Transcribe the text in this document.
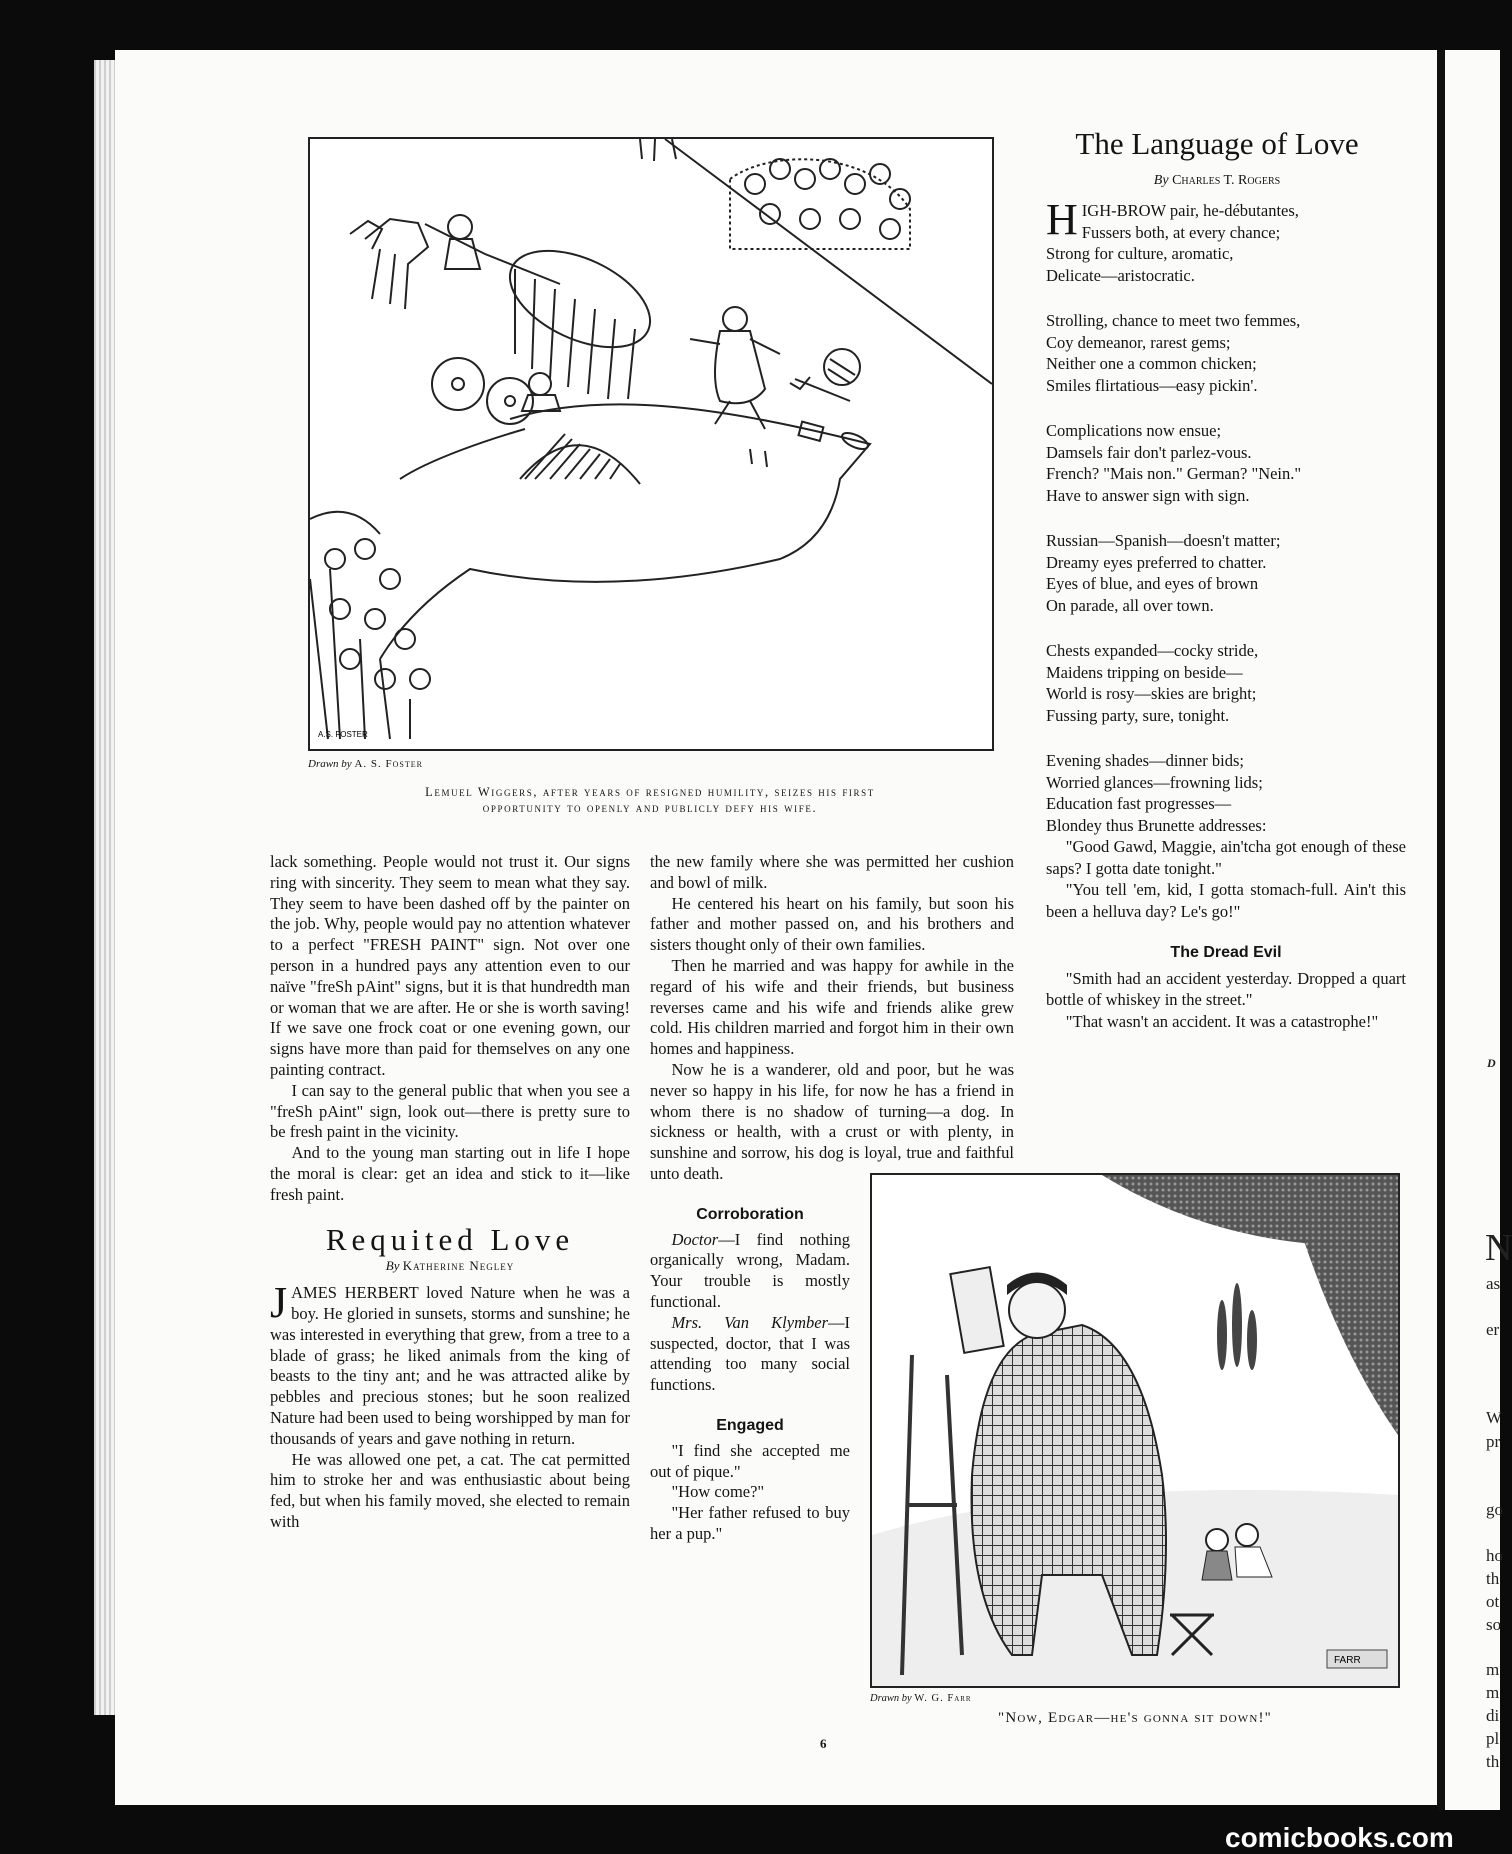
A.S. FOSTER
Drawn by A. S. Foster
Lemuel Wiggers, after years of resigned humility, seizes his first
opportunity to openly and publicly defy his wife.
The Language of Love
By Charles T. Rogers
H IGH-BROW pair, he-débutantes,
Fussers both, at every chance;
Strong for culture, aromatic,
Delicate—aristocratic.
Strolling, chance to meet two femmes,
Coy demeanor, rarest gems;
Neither one a common chicken;
Smiles flirtatious—easy pickin'.
Complications now ensue;
Damsels fair don't parlez-vous.
French? "Mais non." German? "Nein."
Have to answer sign with sign.
Russian—Spanish—doesn't matter;
Dreamy eyes preferred to chatter.
Eyes of blue, and eyes of brown
On parade, all over town.
Chests expanded—cocky stride,
Maidens tripping on beside—
World is rosy—skies are bright;
Fussing party, sure, tonight.
Evening shades—dinner bids;
Worried glances—frowning lids;
Education fast progresses—
Blondey thus Brunette addresses:

"Good Gawd, Maggie, ain'tcha got enough of these saps? I gotta date tonight."

"You tell 'em, kid, I gotta stomach-full. Ain't this been a helluva day? Le's go!"

The Dread Evil

"Smith had an accident yesterday. Dropped a quart bottle of whiskey in the street."

"That wasn't an accident. It was a catastrophe!"

lack something. People would not trust it. Our signs ring with sincerity. They seem to mean what they say. They seem to have been dashed off by the painter on the job. Why, people would pay no attention whatever to a perfect "FRESH PAINT" sign. Not over one person in a hundred pays any attention even to our naïve "freSh pAint" signs, but it is that hundredth man or woman that we are after. He or she is worth saving! If we save one frock coat or one evening gown, our signs have more than paid for themselves on any one painting contract.

I can say to the general public that when you see a "freSh pAint" sign, look out—there is pretty sure to be fresh paint in the vicinity.

And to the young man starting out in life I hope the moral is clear: get an idea and stick to it—like fresh paint.

Requited Love
By Katherine Negley

JAMES HERBERT loved Nature when he was a boy. He gloried in sunsets, storms and sunshine; he was interested in everything that grew, from a tree to a blade of grass; he liked animals from the king of beasts to the tiny ant; and he was attracted alike by pebbles and precious stones; but he soon realized Nature had been used to being worshipped by man for thousands of years and gave nothing in return.

He was allowed one pet, a cat. The cat permitted him to stroke her and was enthusiastic about being fed, but when his family moved, she elected to remain with

the new family where she was permitted her cushion and bowl of milk.

He centered his heart on his family, but soon his father and mother passed on, and his brothers and sisters thought only of their own families.

Then he married and was happy for awhile in the regard of his wife and their friends, but business reverses came and his wife and friends alike grew cold. His children married and forgot him in their own homes and happiness.

Now he is a wanderer, old and poor, but he was never so happy in his life, for now he has a friend in whom there is no shadow of turning—a dog. In sickness or health, with a crust or with plenty, in sunshine and sorrow, his dog is loyal, true and faithful unto death.

Corroboration

Doctor—I find nothing organically wrong, Madam. Your trouble is mostly functional.

Mrs. Van Klymber—I suspected, doctor, that I was attending too many social functions.

Engaged

"I find she accepted me out of pique."

"How come?"

"Her father refused to buy her a pup."

FARR
Drawn by W. G. Farr
"Now, Edgar—he's gonna sit down!"
6
D
N
as
er
W
pr
go
ho
th
ot
so
m
m
di
pl
th
comicbooks.com
